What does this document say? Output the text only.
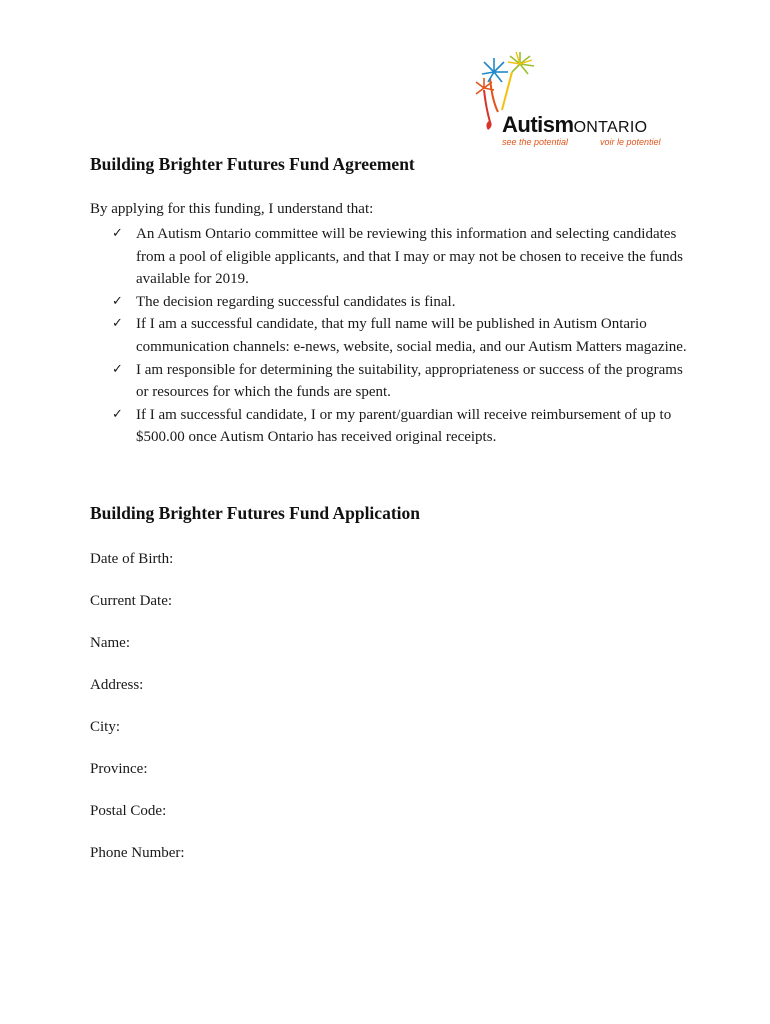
AutismONTARIO
see the potential	voir le potentiel
Building Brighter Futures Fund Agreement
By applying for this funding, I understand that:
✓ An Autism Ontario committee will be reviewing this information and selecting candidates from a pool of eligible applicants, and that I may or may not be chosen to receive the funds available for 2019.
✓ The decision regarding successful candidates is final.
✓ If I am a successful candidate, that my full name will be published in Autism Ontario communication channels: e-news, website, social media, and our Autism Matters magazine.
✓ I am responsible for determining the suitability, appropriateness or success of the programs or resources for which the funds are spent.
✓ If I am successful candidate, I or my parent/guardian will receive reimbursement of up to $500.00 once Autism Ontario has received original receipts.
Building Brighter Futures Fund Application
Date of Birth:
Current Date:
Name:
Address:
City:
Province:
Postal Code:
Phone Number:
